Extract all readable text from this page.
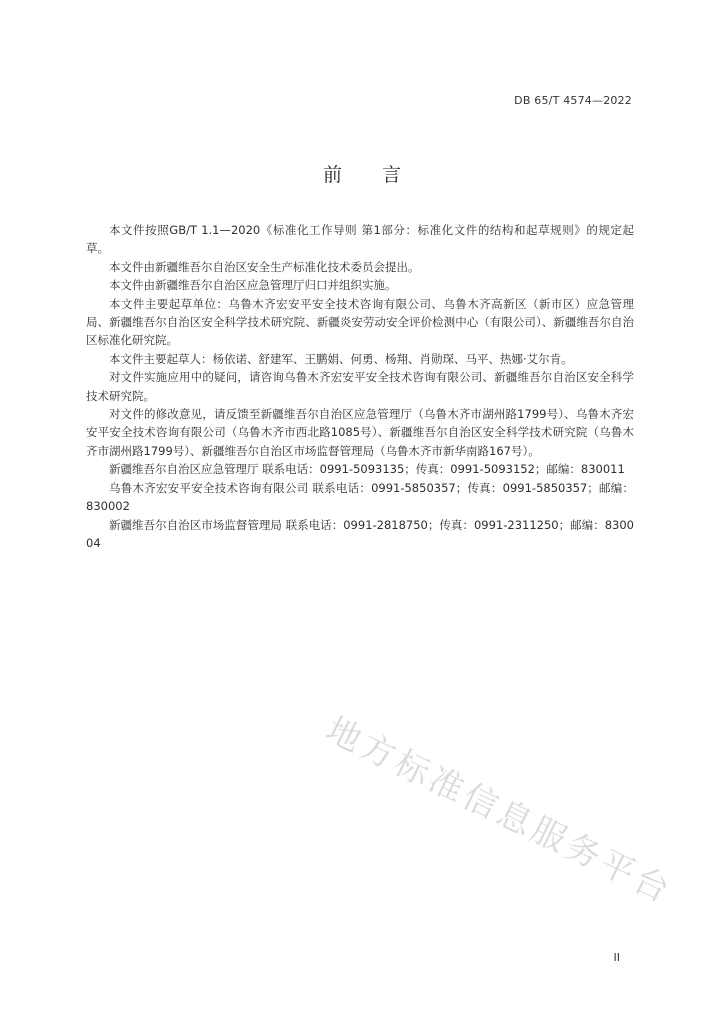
DB 65/T 4574—2022
前言

本文件按照GB/T 1.1—2020《标准化工作导则 第1部分：标准化文件的结构和起草规则》的规定起草。

本文件由新疆维吾尔自治区安全生产标准化技术委员会提出。

本文件由新疆维吾尔自治区应急管理厅归口并组织实施。

本文件主要起草单位：乌鲁木齐宏安平安全技术咨询有限公司、乌鲁木齐高新区（新市区）应急管理局、新疆维吾尔自治区安全科学技术研究院、新疆炎安劳动安全评价检测中心（有限公司）、新疆维吾尔自治区标准化研究院。

本文件主要起草人：杨依诺、舒建军、王鹏娟、何勇、杨翔、肖勋琛、马平、热娜·艾尔肯。

对文件实施应用中的疑问，请咨询乌鲁木齐宏安平安全技术咨询有限公司、新疆维吾尔自治区安全科学技术研究院。

对文件的修改意见，请反馈至新疆维吾尔自治区应急管理厅（乌鲁木齐市湖州路1799号）、乌鲁木齐宏安平安全技术咨询有限公司（乌鲁木齐市西北路1085号）、新疆维吾尔自治区安全科学技术研究院（乌鲁木齐市湖州路1799号）、新疆维吾尔自治区市场监督管理局（乌鲁木齐市新华南路167号）。

新疆维吾尔自治区应急管理厅 联系电话：0991-5093135；传真：0991-5093152；邮编：830011

乌鲁木齐宏安平安全技术咨询有限公司 联系电话：0991-5850357；传真：0991-5850357；邮编：830002

新疆维吾尔自治区市场监督管理局 联系电话：0991-2818750；传真：0991-2311250；邮编：830004

地方标准信息服务平台
II
